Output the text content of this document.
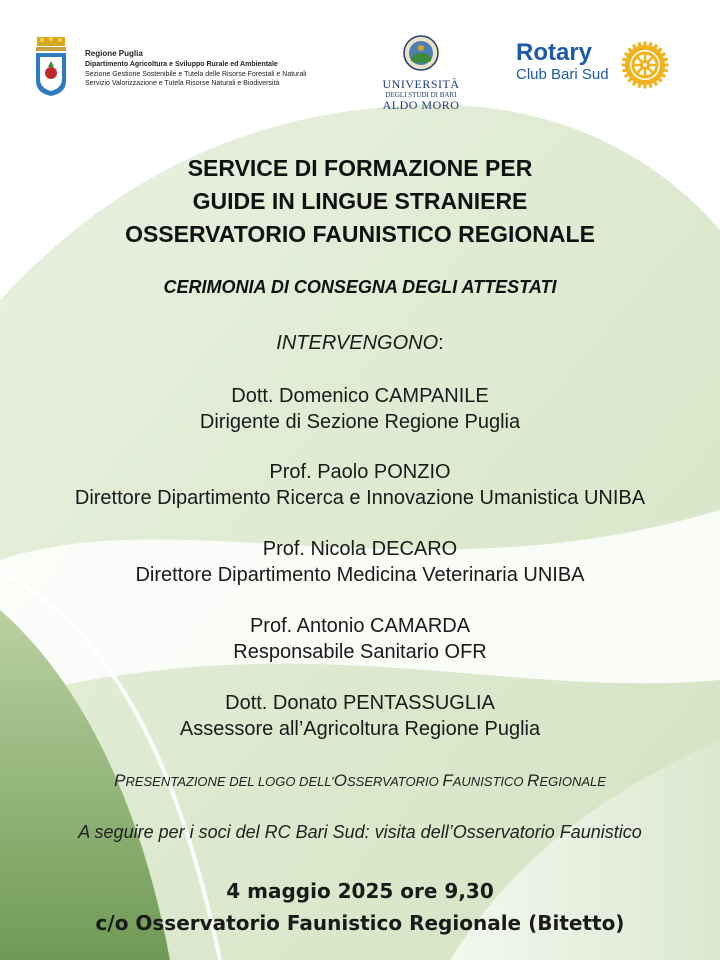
Regione Puglia
Dipartimento Agricoltura e Sviluppo Rurale ed Ambientale
Sezione Gestione Sostenibile e Tutela delle Risorse Forestali e Naturali
Servizio Valorizzazione e Tutela Risorse Naturali e Biodiversità	UNIVERSITÀ
DEGLI STUDI DI BARI
ALDO MORO
Rotary
Club Bari Sud
SERVICE DI FORMAZIONE PER
GUIDE IN LINGUE STRANIERE
OSSERVATORIO FAUNISTICO REGIONALE
CERIMONIA DI CONSEGNA DEGLI ATTESTATI
INTERVENGONO:
Dott. Domenico CAMPANILE
Dirigente di Sezione Regione Puglia
Prof. Paolo PONZIO
Direttore Dipartimento Ricerca e Innovazione Umanistica UNIBA
Prof. Nicola DECARO
Direttore Dipartimento Medicina Veterinaria UNIBA
Prof. Antonio CAMARDA
Responsabile Sanitario OFR
Dott. Donato PENTASSUGLIA
Assessore all’Agricoltura Regione Puglia
PRESENTAZIONE DEL LOGO DELL’OSSERVATORIO FAUNISTICO REGIONALE
A seguire per i soci del RC Bari Sud: visita dell’Osservatorio Faunistico
4 maggio 2025 ore 9,30
c/o Osservatorio Faunistico Regionale (Bitetto)
